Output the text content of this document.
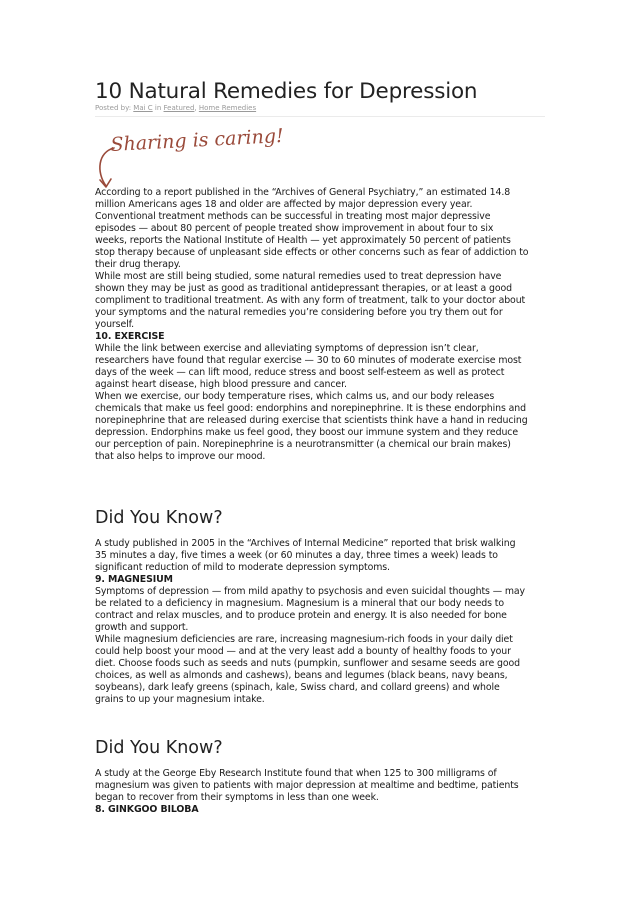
10 Natural Remedies for Depression
Posted by: Mai C in Featured, Home Remedies
Sharing is caring!

According to a report published in the “Archives of General Psychiatry,” an estimated 14.8

million Americans ages 18 and older are affected by major depression every year.

Conventional treatment methods can be successful in treating most major depressive

episodes — about 80 percent of people treated show improvement in about four to six

weeks, reports the National Institute of Health — yet approximately 50 percent of patients

stop therapy because of unpleasant side effects or other concerns such as fear of addiction to

their drug therapy.

While most are still being studied, some natural remedies used to treat depression have

shown they may be just as good as traditional antidepressant therapies, or at least a good

compliment to traditional treatment. As with any form of treatment, talk to your doctor about

your symptoms and the natural remedies you’re considering before you try them out for

yourself.

10. EXERCISE

While the link between exercise and alleviating symptoms of depression isn’t clear,

researchers have found that regular exercise — 30 to 60 minutes of moderate exercise most

days of the week — can lift mood, reduce stress and boost self-esteem as well as protect

against heart disease, high blood pressure and cancer.

When we exercise, our body temperature rises, which calms us, and our body releases

chemicals that make us feel good: endorphins and norepinephrine. It is these endorphins and

norepinephrine that are released during exercise that scientists think have a hand in reducing

depression. Endorphins make us feel good, they boost our immune system and they reduce

our perception of pain. Norepinephrine is a neurotransmitter (a chemical our brain makes)

that also helps to improve our mood.

Did You Know?

A study published in 2005 in the “Archives of Internal Medicine” reported that brisk walking

35 minutes a day, five times a week (or 60 minutes a day, three times a week) leads to

significant reduction of mild to moderate depression symptoms.

9. MAGNESIUM

Symptoms of depression — from mild apathy to psychosis and even suicidal thoughts — may

be related to a deficiency in magnesium. Magnesium is a mineral that our body needs to

contract and relax muscles, and to produce protein and energy. It is also needed for bone

growth and support.

While magnesium deficiencies are rare, increasing magnesium-rich foods in your daily diet

could help boost your mood — and at the very least add a bounty of healthy foods to your

diet. Choose foods such as seeds and nuts (pumpkin, sunflower and sesame seeds are good

choices, as well as almonds and cashews), beans and legumes (black beans, navy beans,

soybeans), dark leafy greens (spinach, kale, Swiss chard, and collard greens) and whole

grains to up your magnesium intake.

Did You Know?

A study at the George Eby Research Institute found that when 125 to 300 milligrams of

magnesium was given to patients with major depression at mealtime and bedtime, patients

began to recover from their symptoms in less than one week.

8. GINKGOO BILOBA
